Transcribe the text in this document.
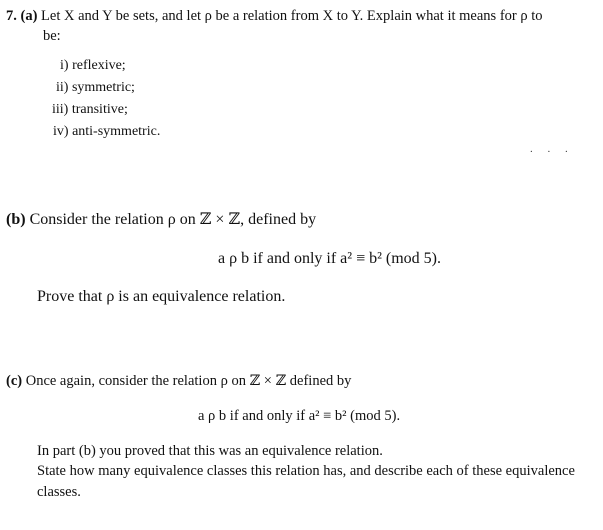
7. (a) Let X and Y be sets, and let ρ be a relation from X to Y. Explain what it means for ρ to
be:
i) reflexive;
ii) symmetric;
iii) transitive;
iv) anti-symmetric.
. . .
(b) Consider the relation ρ on ℤ × ℤ, defined by
a ρ b if and only if a² ≡ b² (mod 5).
Prove that ρ is an equivalence relation.
(c) Once again, consider the relation ρ on ℤ × ℤ defined by
a ρ b if and only if a² ≡ b² (mod 5).
In part (b) you proved that this was an equivalence relation.
State how many equivalence classes this relation has, and describe each of these equivalence
classes.
